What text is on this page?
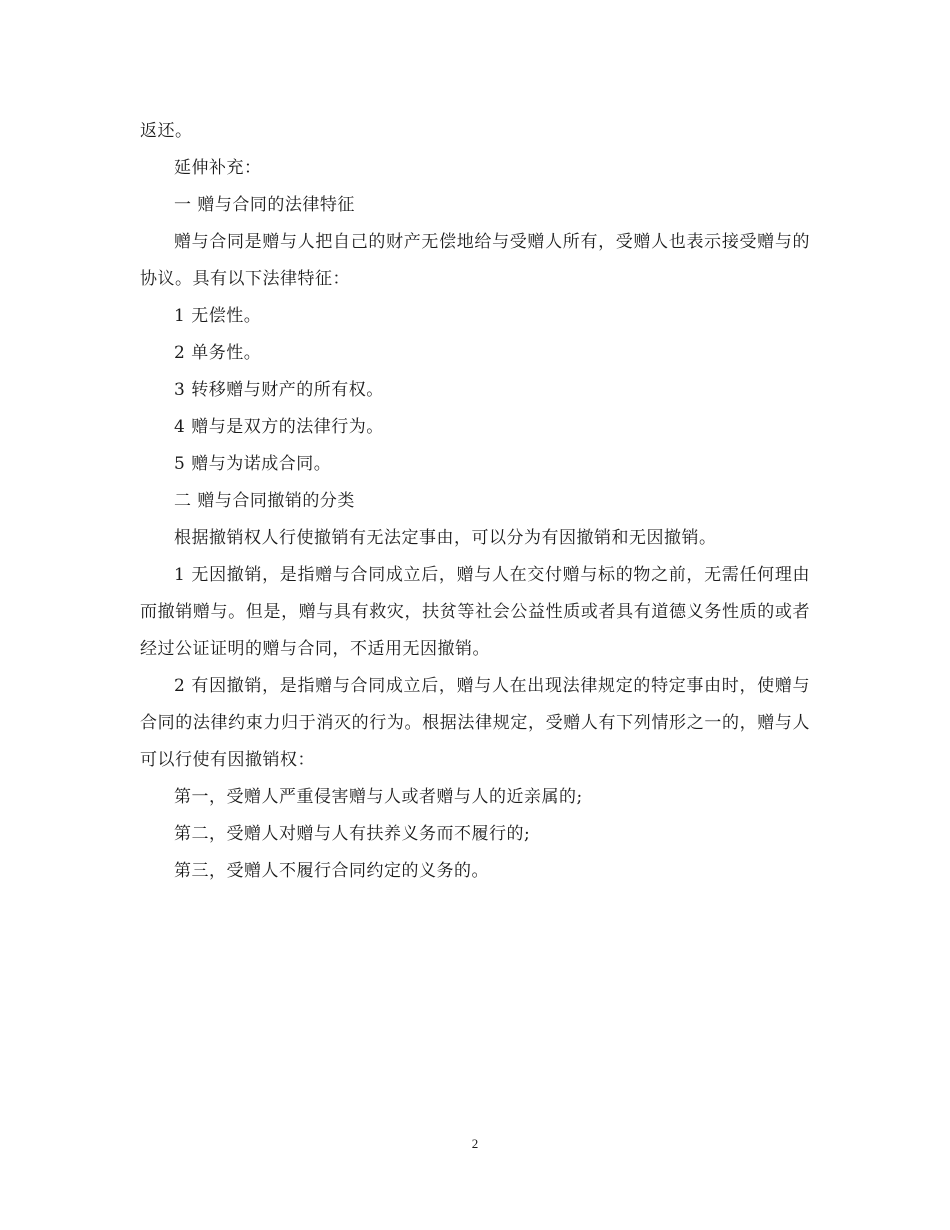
返还。

延伸补充：

一 赠与合同的法律特征

赠与合同是赠与人把自己的财产无偿地给与受赠人所有，受赠人也表示接受赠与的协议。具有以下法律特征：

1 无偿性。

2 单务性。

3 转移赠与财产的所有权。

4 赠与是双方的法律行为。

5 赠与为诺成合同。

二 赠与合同撤销的分类

根据撤销权人行使撤销有无法定事由，可以分为有因撤销和无因撤销。

1 无因撤销，是指赠与合同成立后，赠与人在交付赠与标的物之前，无需任何理由而撤销赠与。但是，赠与具有救灾，扶贫等社会公益性质或者具有道德义务性质的或者经过公证证明的赠与合同，不适用无因撤销。

2 有因撤销，是指赠与合同成立后，赠与人在出现法律规定的特定事由时，使赠与合同的法律约束力归于消灭的行为。根据法律规定，受赠人有下列情形之一的，赠与人可以行使有因撤销权：

第一，受赠人严重侵害赠与人或者赠与人的近亲属的;

第二，受赠人对赠与人有扶养义务而不履行的;

第三，受赠人不履行合同约定的义务的。

2
